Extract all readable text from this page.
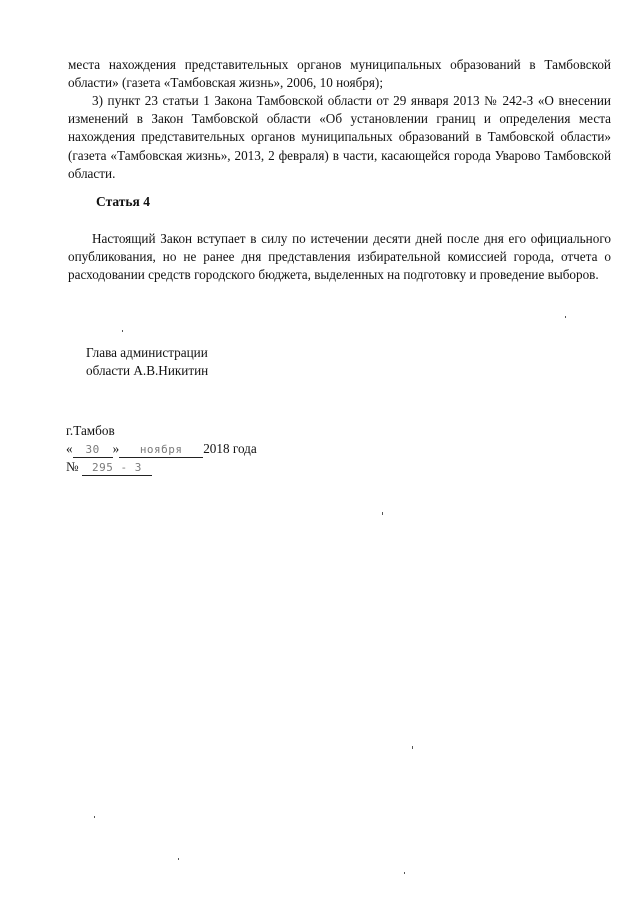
места нахождения представительных органов муниципальных образований в Тамбовской области» (газета «Тамбовская жизнь», 2006, 10 ноября);
3) пункт 23 статьи 1 Закона Тамбовской области от 29 января 2013 № 242-З «О внесении изменений в Закон Тамбовской области «Об установлении границ и определения места нахождения представительных органов муниципальных образований в Тамбовской области» (газета «Тамбовская жизнь», 2013, 2 февраля) в части, касающейся города Уварово Тамбовской области.
Статья 4
Настоящий Закон вступает в силу по истечении десяти дней после дня его официального опубликования, но не ранее дня представления избирательной комиссией города, отчета о расходовании средств городского бюджета, выделенных на подготовку и проведение выборов.
Глава администрации
области А.В.Никитин
г.Тамбов
« 30 » ноября 2018 года
№ 295 - З
